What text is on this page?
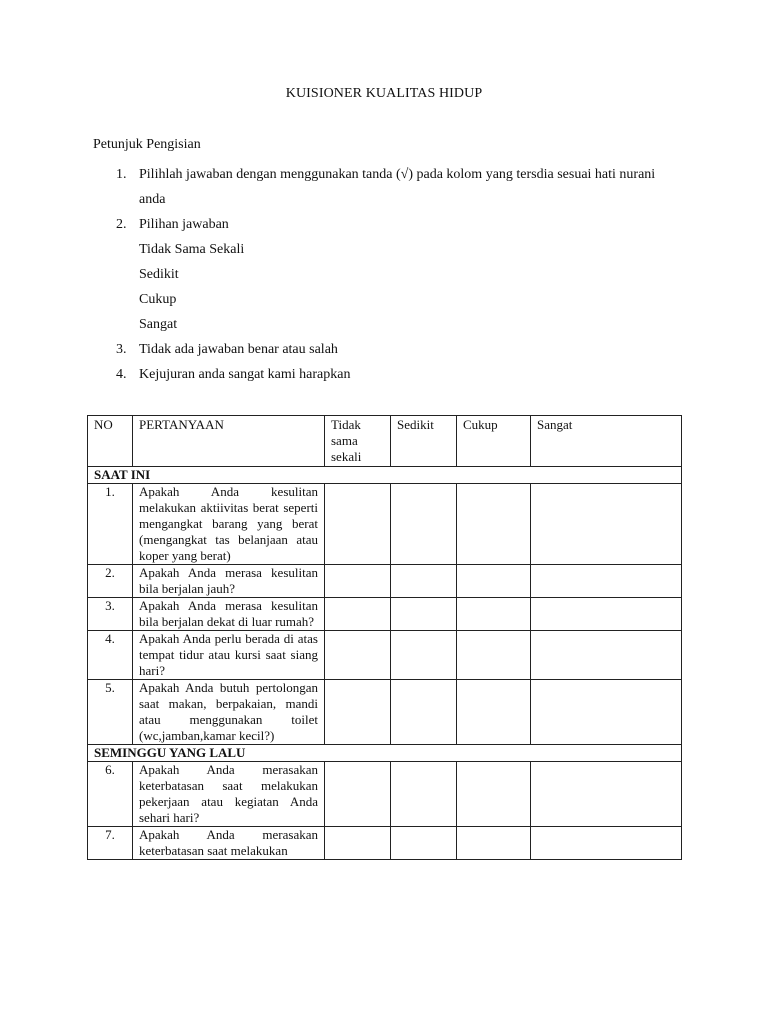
KUISIONER KUALITAS HIDUP
Petunjuk Pengisian
1. Pilihlah jawaban dengan menggunakan tanda (√) pada kolom yang tersdia sesuai hati nurani anda
2. Pilihan jawaban
Tidak Sama Sekali
Sedikit
Cukup
Sangat
3. Tidak ada jawaban benar atau salah
4. Kejujuran anda sangat kami harapkan
NO	PERTANYAAN	Tidak sama sekali	Sedikit	Cukup	Sangat
SAAT INI					
1.	Apakah Anda kesulitan melakukan aktiivitas berat seperti mengangkat barang yang berat (mengangkat tas belanjaan atau koper yang berat)				
2.	Apakah Anda merasa kesulitan bila berjalan jauh?				
3.	Apakah Anda merasa kesulitan bila berjalan dekat di luar rumah?				
4.	Apakah Anda perlu berada di atas tempat tidur atau kursi saat siang hari?				
5.	Apakah Anda butuh pertolongan saat makan, berpakaian, mandi atau menggunakan toilet (wc,jamban,kamar kecil?)				
SEMINGGU YANG LALU					
6.	Apakah Anda merasakan keterbatasan saat melakukan pekerjaan atau kegiatan Anda sehari hari?				
7.	Apakah Anda merasakan keterbatasan saat melakukan				
